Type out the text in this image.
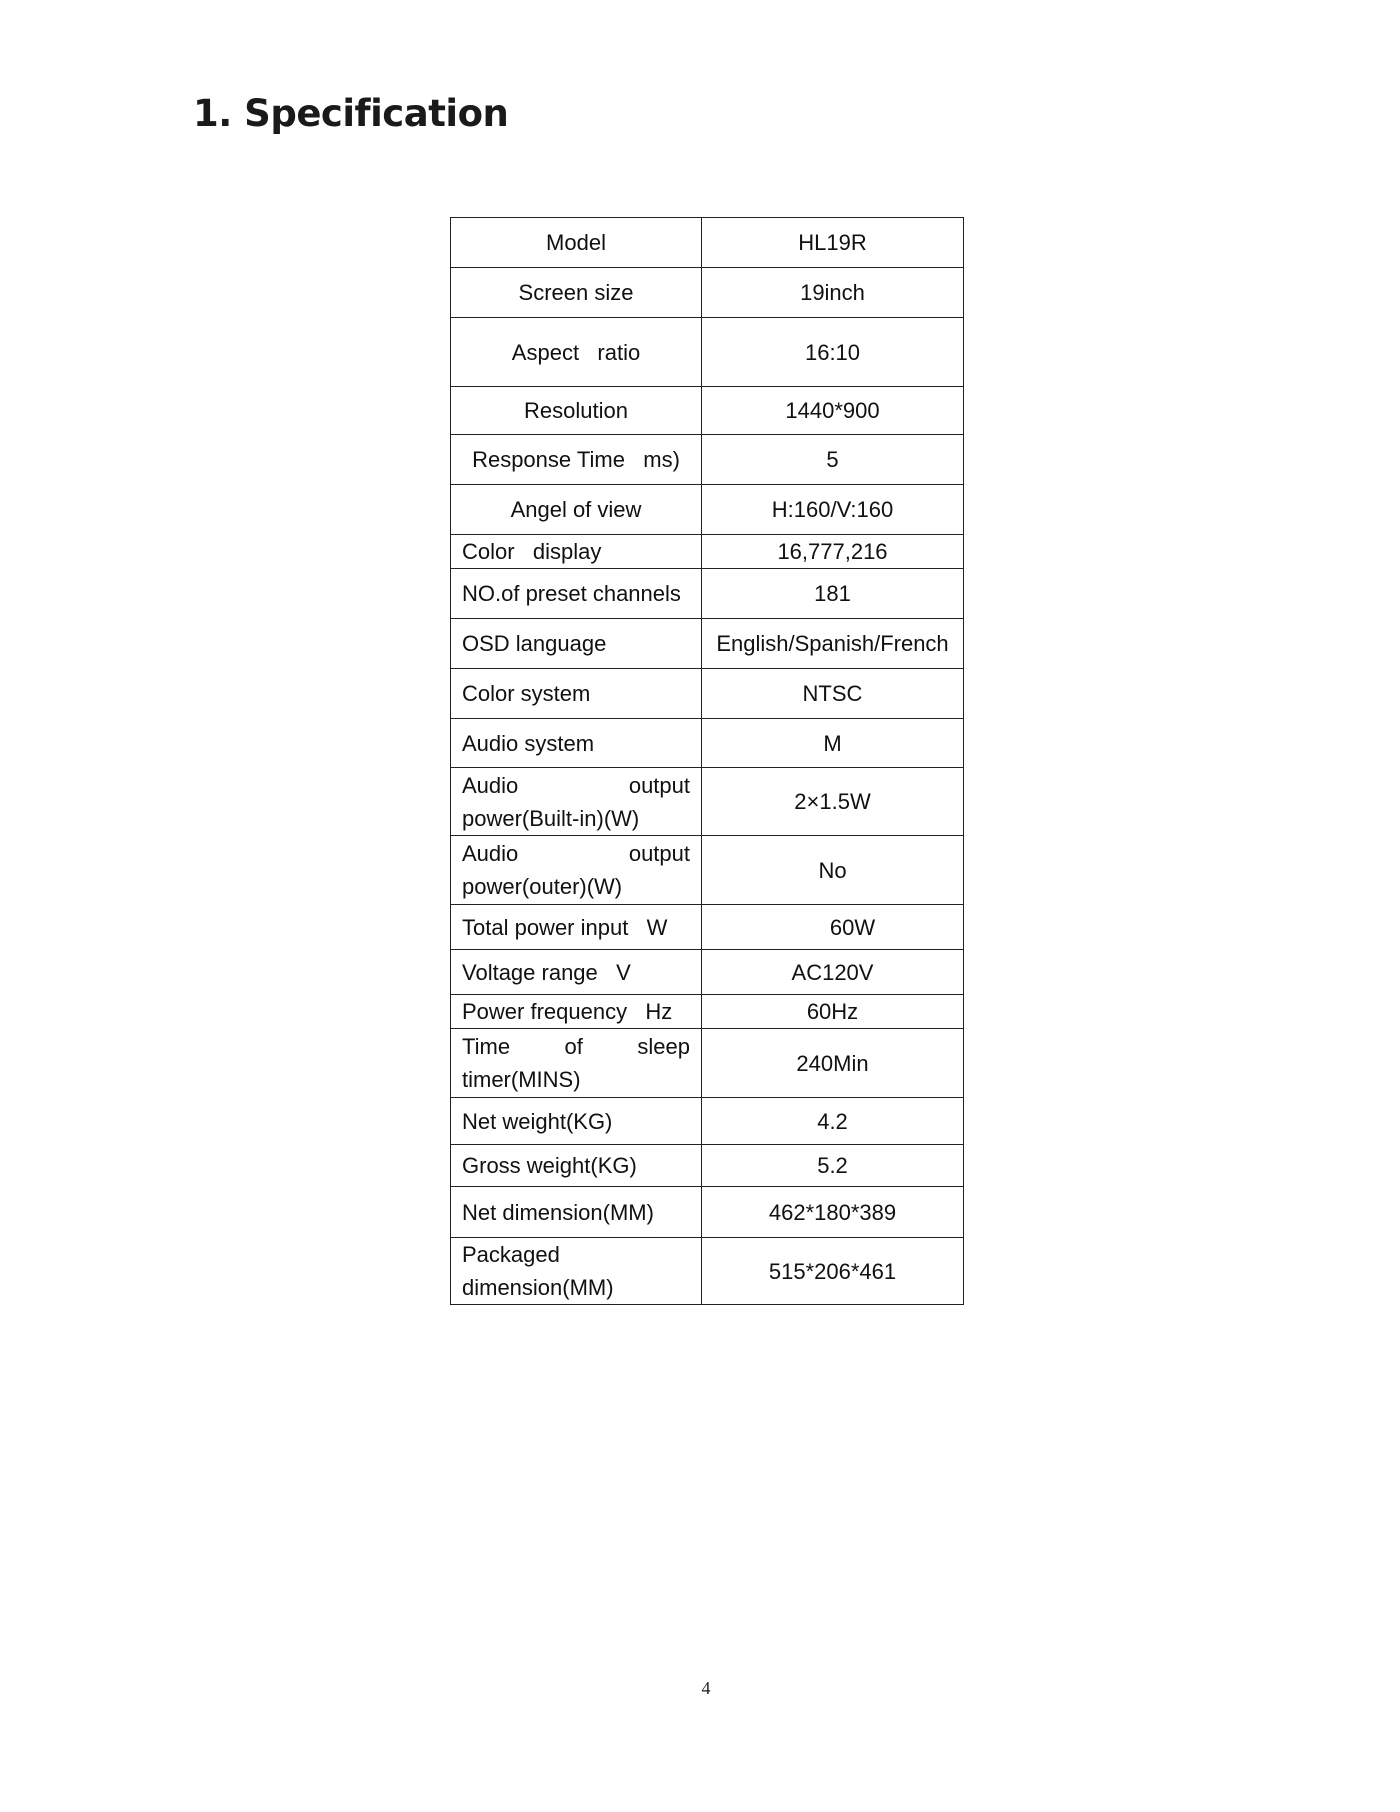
1. Specification
Model	HL19R
Screen size	19inch
Aspect   ratio	16:10
Resolution	1440*900
Response Time   ms)	5
Angel of view	H:160/V:160
Color   display	16,777,216
NO.of preset channels	181
OSD language	English/Spanish/French
Color system	NTSC
Audio system	M
Audio output power(Built-in)(W)	2×1.5W
Audio output power(outer)(W)	No
Total power input   W	60W
Voltage range   V	AC120V
Power frequency   Hz	60Hz
Time of sleep timer(MINS)	240Min
Net weight(KG)	4.2
Gross weight(KG)	5.2
Net dimension(MM)	462*180*389
Packaged dimension(MM)	515*206*461
4
